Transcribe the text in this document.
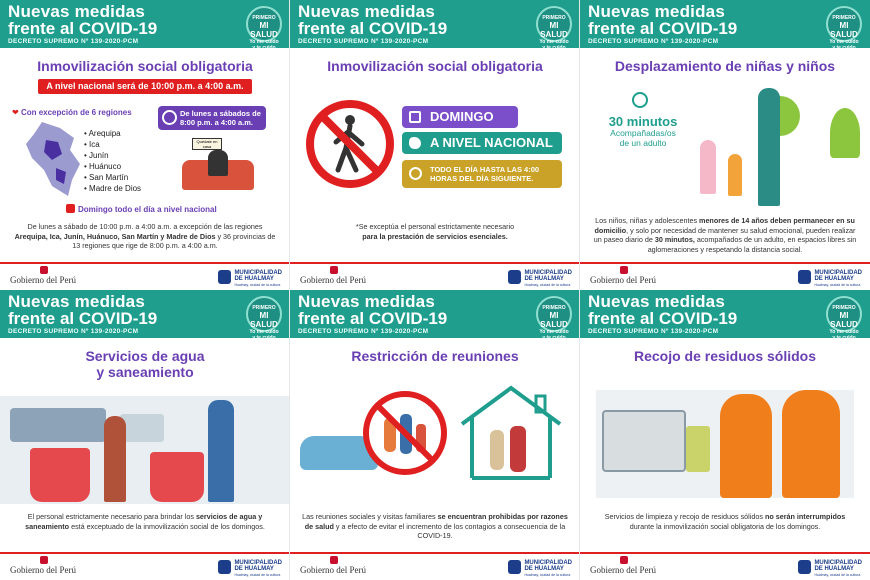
Nuevas medidas
frente al COVID-19
DECRETO SUPREMO Nº 139-2020-PCM
PRIMERO
MI SALUD
Yo me cuido y te cuido
Inmovilización social obligatoria
A nivel nacional será de 10:00 p.m. a 4:00 a.m.
❤ Con excepción de 6 regiones
• Arequipa
• Ica
• Junín
• Huánuco
• San Martín
• Madre de Dios
De lunes a sábados de 8:00 p.m. a 4:00 a.m.
Quédate en casa
Domingo todo el día a nivel nacional
De lunes a sábado de 10:00 p.m. a 4:00 a.m. a excepción de las regiones Arequipa, Ica, Junín, Huánuco, San Martín y Madre de Dios y 36 provincias de 13 regiones que rige de 8:00 p.m. a 4:00 a.m.
Gobierno del Perú
MUNICIPALIDAD
DE HUALMAY
Hualmay, ciudad de la cultura
Nuevas medidas
frente al COVID-19
DECRETO SUPREMO Nº 139-2020-PCM
PRIMERO
MI SALUD
Yo me cuido y te cuido
Inmovilización social obligatoria
DOMINGO
A NIVEL NACIONAL
TODO EL DÍA HASTA LAS 4:00
HORAS DEL DÍA SIGUIENTE.
*Se exceptúa el personal estrictamente necesario
para la prestación de servicios esenciales.
Gobierno del Perú
MUNICIPALIDAD
DE HUALMAY
Hualmay, ciudad de la cultura
Nuevas medidas
frente al COVID-19
DECRETO SUPREMO Nº 139-2020-PCM
PRIMERO
MI SALUD
Yo me cuido y te cuido
Desplazamiento de niñas y niños
30 minutos
Acompañadas/os
de un adulto
Los niños, niñas y adolescentes menores de 14 años deben permanecer en su domicilio, y solo por necesidad de mantener su salud emocional, pueden realizar un paseo diario de 30 minutos, acompañados de un adulto, en espacios libres sin aglomeraciones y respetando la distancia social.
Gobierno del Perú
MUNICIPALIDAD
DE HUALMAY
Hualmay, ciudad de la cultura
Nuevas medidas
frente al COVID-19
DECRETO SUPREMO Nº 139-2020-PCM
PRIMERO
MI SALUD
Yo me cuido y te cuido
Servicios de agua
y saneamiento
El personal estrictamente necesario para brindar los servicios de agua y saneamiento está exceptuado de la inmovilización social de los domingos.
Gobierno del Perú
MUNICIPALIDAD
DE HUALMAY
Hualmay, ciudad de la cultura
Nuevas medidas
frente al COVID-19
DECRETO SUPREMO Nº 139-2020-PCM
PRIMERO
MI SALUD
Yo me cuido y te cuido
Restricción de reuniones
Las reuniones sociales y visitas familiares se encuentran prohibidas por razones de salud y a efecto de evitar el incremento de los contagios a consecuencia de la COVID-19.
Gobierno del Perú
MUNICIPALIDAD
DE HUALMAY
Hualmay, ciudad de la cultura
Nuevas medidas
frente al COVID-19
DECRETO SUPREMO Nº 139-2020-PCM
PRIMERO
MI SALUD
Yo me cuido y te cuido
Recojo de residuos sólidos
Servicios de limpieza y recojo de residuos sólidos no serán interrumpidos durante la inmovilización social obligatoria de los domingos.
Gobierno del Perú
MUNICIPALIDAD
DE HUALMAY
Hualmay, ciudad de la cultura
